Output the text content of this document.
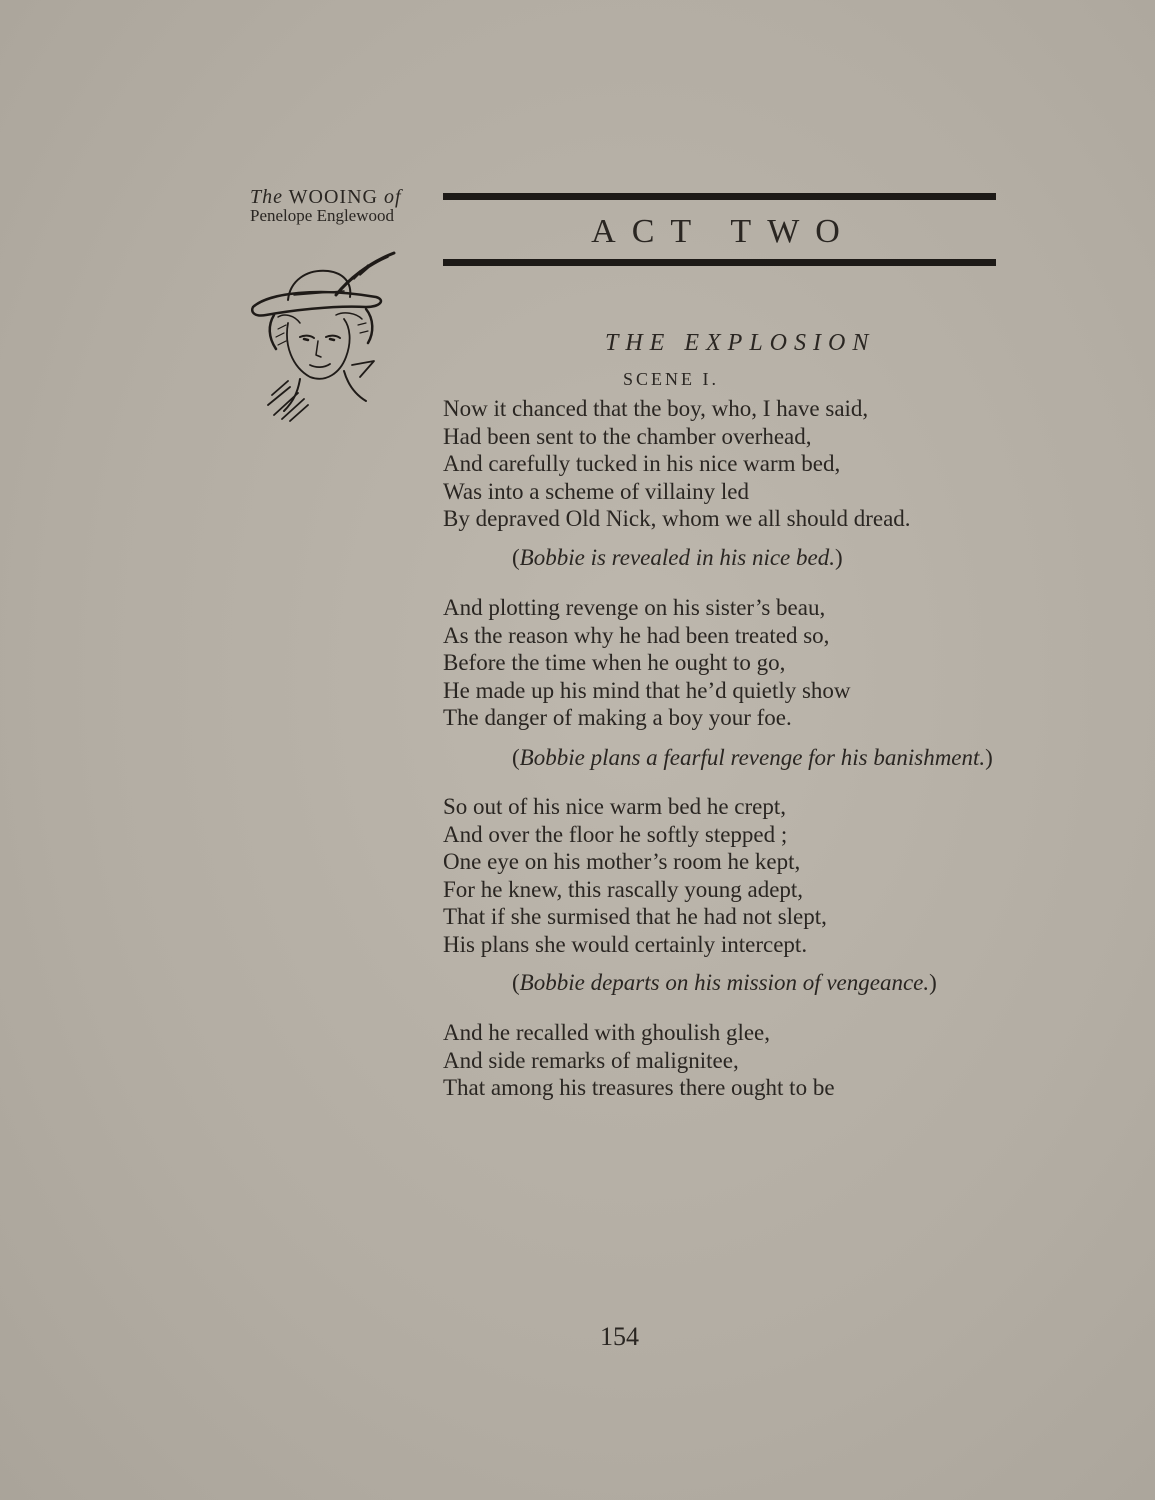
The WOOING of
Penelope Englewood	ACT TWO
THE EXPLOSION
SCENE I.
Now it chanced that the boy, who, I have said,
Had been sent to the chamber overhead,
And carefully tucked in his nice warm bed,
Was into a scheme of villainy led
By depraved Old Nick, whom we all should dread.
(Bobbie is revealed in his nice bed.)
And plotting revenge on his sister’s beau,
As the reason why he had been treated so,
Before the time when he ought to go,
He made up his mind that he’d quietly show
The danger of making a boy your foe.
(Bobbie plans a fearful revenge for his banishment.)
So out of his nice warm bed he crept,
And over the floor he softly stepped ;
One eye on his mother’s room he kept,
For he knew, this rascally young adept,
That if she surmised that he had not slept,
His plans she would certainly intercept.
(Bobbie departs on his mission of vengeance.)
And he recalled with ghoulish glee,
And side remarks of malignitee,
That among his treasures there ought to be
154
